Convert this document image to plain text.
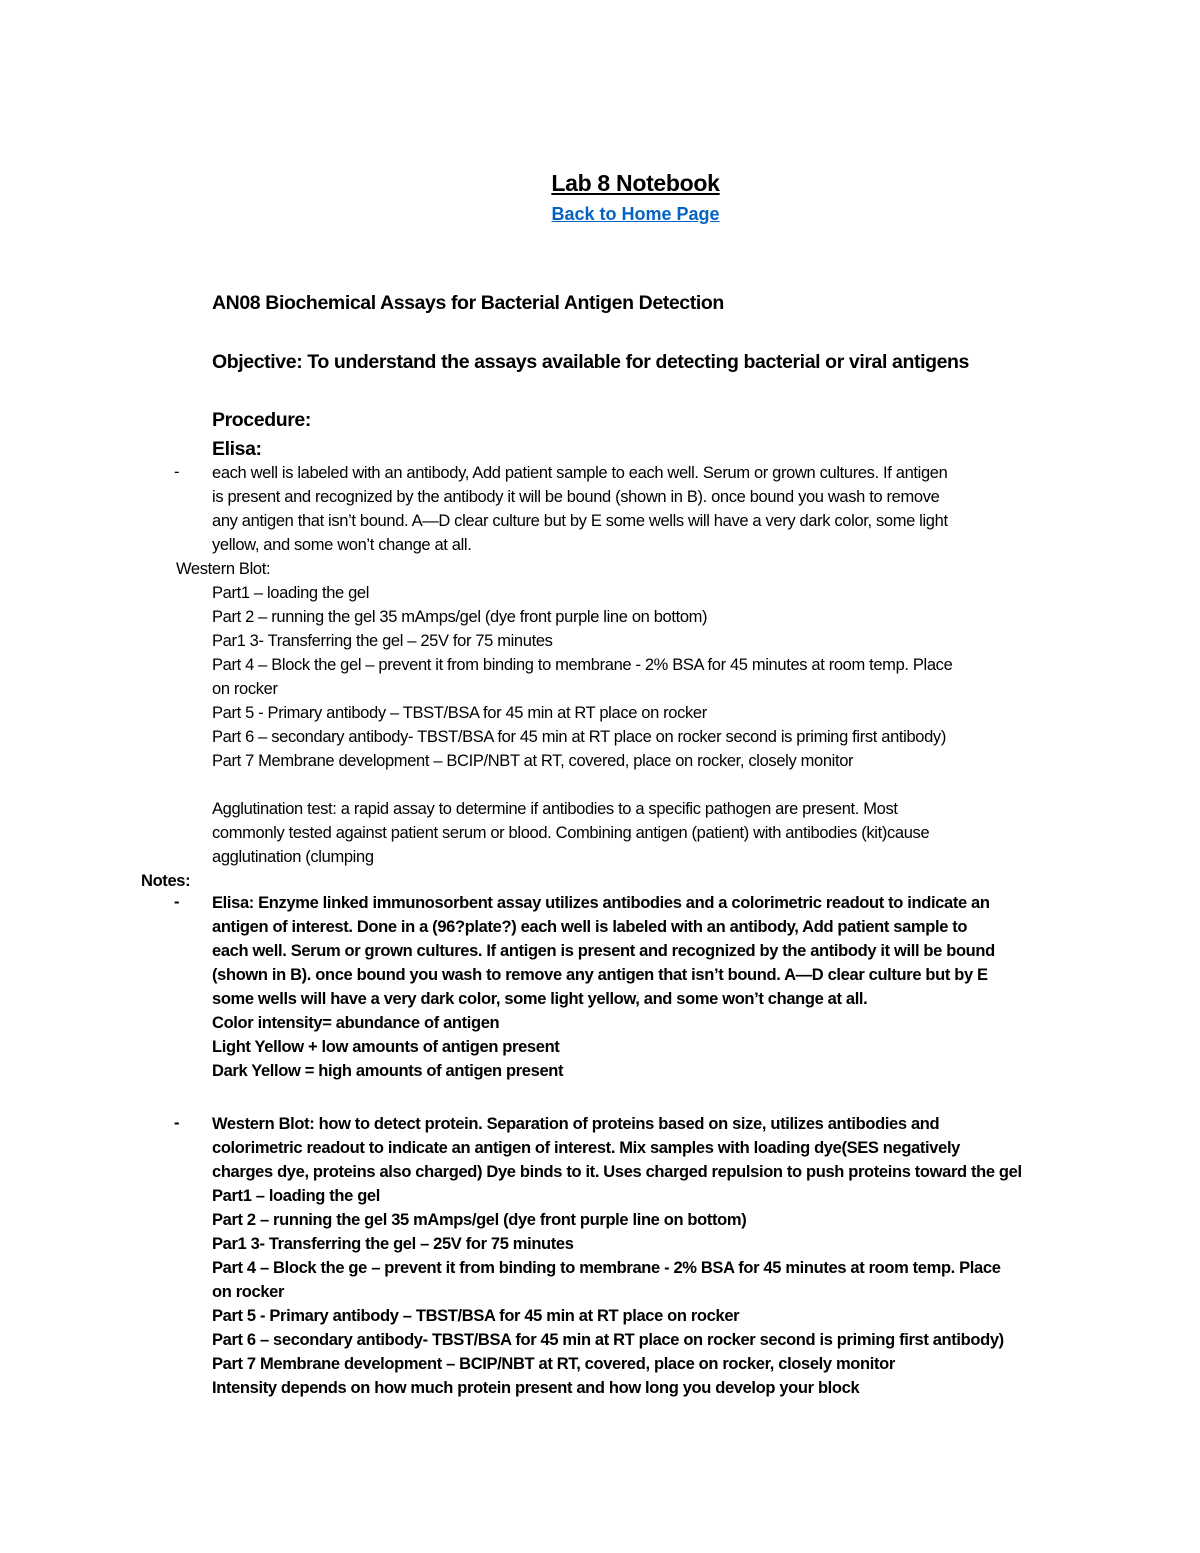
Lab 8 Notebook
Back to Home Page
AN08 Biochemical Assays for Bacterial Antigen Detection
Objective: To understand the assays available for detecting bacterial or viral antigens
Procedure:
Elisa:
- each well is labeled with an antibody, Add patient sample to each well. Serum or grown cultures. If antigen
is present and recognized by the antibody it will be bound (shown in B). once bound you wash to remove
any antigen that isn’t bound. A—D clear culture but by E some wells will have a very dark color, some light
yellow, and some won’t change at all.
Western Blot:
Part1 – loading the gel
Part 2 – running the gel 35 mAmps/gel (dye front purple line on bottom)
Par1 3- Transferring the gel – 25V for 75 minutes
Part 4 – Block the gel – prevent it from binding to membrane - 2% BSA for 45 minutes at room temp. Place
on rocker
Part 5 - Primary antibody – TBST/BSA for 45 min at RT place on rocker
Part 6 – secondary antibody- TBST/BSA for 45 min at RT place on rocker second is priming first antibody)
Part 7 Membrane development – BCIP/NBT at RT, covered, place on rocker, closely monitor
Agglutination test: a rapid assay to determine if antibodies to a specific pathogen are present. Most
commonly tested against patient serum or blood. Combining antigen (patient) with antibodies (kit)cause
agglutination (clumping
Notes:
- Elisa: Enzyme linked immunosorbent assay utilizes antibodies and a colorimetric readout to indicate an
antigen of interest. Done in a (96?plate?) each well is labeled with an antibody, Add patient sample to
each well. Serum or grown cultures. If antigen is present and recognized by the antibody it will be bound
(shown in B). once bound you wash to remove any antigen that isn’t bound. A—D clear culture but by E
some wells will have a very dark color, some light yellow, and some won’t change at all.
Color intensity= abundance of antigen
Light Yellow + low amounts of antigen present
Dark Yellow = high amounts of antigen present
- Western Blot: how to detect protein. Separation of proteins based on size, utilizes antibodies and
colorimetric readout to indicate an antigen of interest. Mix samples with loading dye(SES negatively
charges dye, proteins also charged) Dye binds to it. Uses charged repulsion to push proteins toward the gel
Part1 – loading the gel
Part 2 – running the gel 35 mAmps/gel (dye front purple line on bottom)
Par1 3- Transferring the gel – 25V for 75 minutes
Part 4 – Block the ge – prevent it from binding to membrane - 2% BSA for 45 minutes at room temp. Place
on rocker
Part 5 - Primary antibody – TBST/BSA for 45 min at RT place on rocker
Part 6 – secondary antibody- TBST/BSA for 45 min at RT place on rocker second is priming first antibody)
Part 7 Membrane development – BCIP/NBT at RT, covered, place on rocker, closely monitor
Intensity depends on how much protein present and how long you develop your block
